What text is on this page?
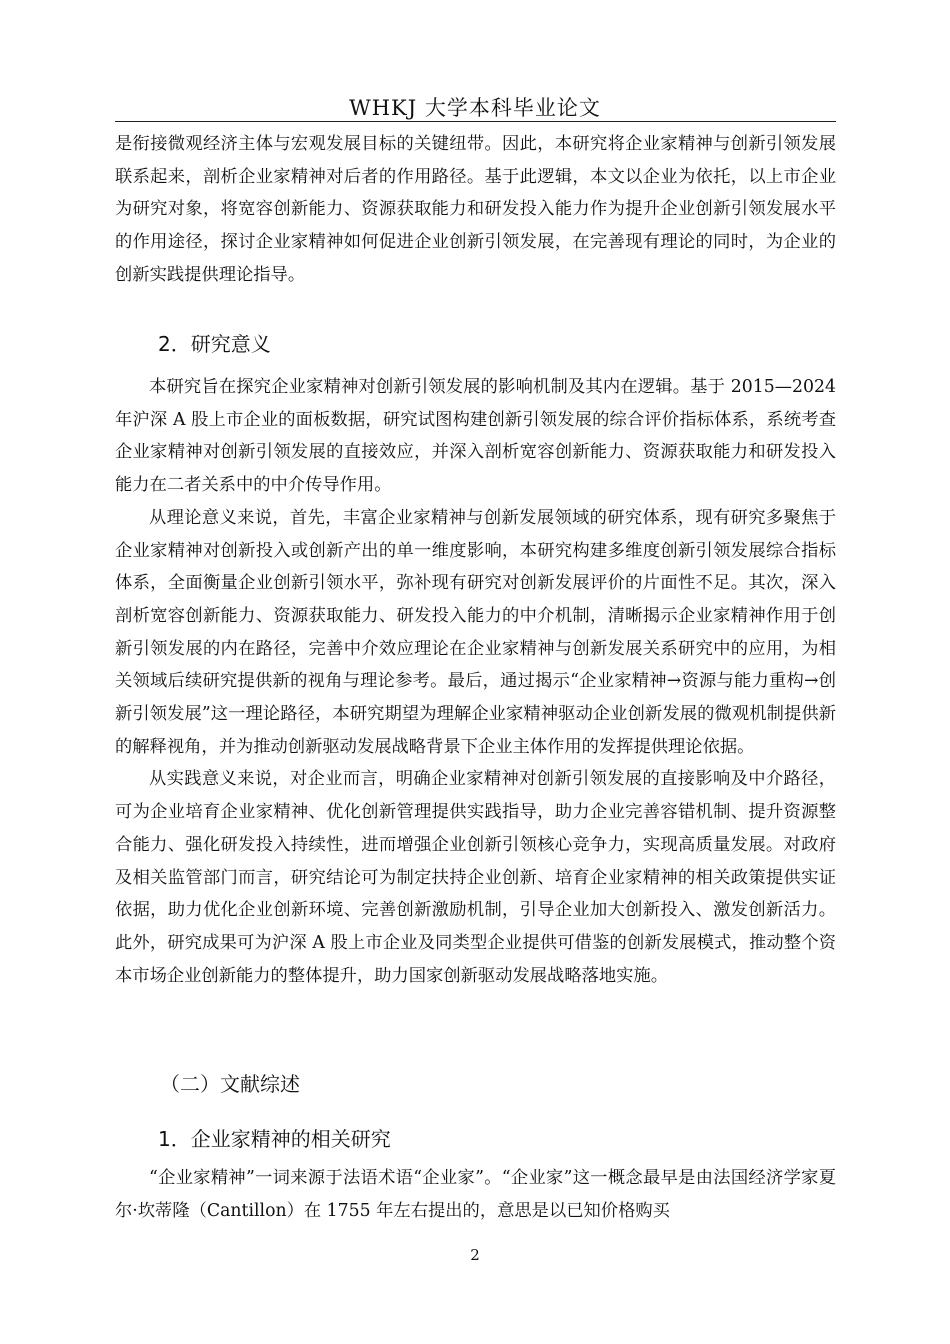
WHKJ 大学本科毕业论文

是衔接微观经济主体与宏观发展目标的关键纽带。因此，本研究将企业家精神与创新引领发展联系起来，剖析企业家精神对后者的作用路径。基于此逻辑，本文以企业为依托，以上市企业为研究对象，将宽容创新能力、资源获取能力和研发投入能力作为提升企业创新引领发展水平的作用途径，探讨企业家精神如何促进企业创新引领发展，在完善现有理论的同时，为企业的创新实践提供理论指导。

2．研究意义

本研究旨在探究企业家精神对创新引领发展的影响机制及其内在逻辑。基于 2015—2024 年沪深 A 股上市企业的面板数据，研究试图构建创新引领发展的综合评价指标体系，系统考查企业家精神对创新引领发展的直接效应，并深入剖析宽容创新能力、资源获取能力和研发投入能力在二者关系中的中介传导作用。

从理论意义来说，首先，丰富企业家精神与创新发展领域的研究体系，现有研究多聚焦于企业家精神对创新投入或创新产出的单一维度影响，本研究构建多维度创新引领发展综合指标体系，全面衡量企业创新引领水平，弥补现有研究对创新发展评价的片面性不足。其次，深入剖析宽容创新能力、资源获取能力、研发投入能力的中介机制，清晰揭示企业家精神作用于创新引领发展的内在路径，完善中介效应理论在企业家精神与创新发展关系研究中的应用，为相关领域后续研究提供新的视角与理论参考。最后，通过揭示“企业家精神→资源与能力重构→创新引领发展”这一理论路径，本研究期望为理解企业家精神驱动企业创新发展的微观机制提供新的解释视角，并为推动创新驱动发展战略背景下企业主体作用的发挥提供理论依据。

从实践意义来说，对企业而言，明确企业家精神对创新引领发展的直接影响及中介路径，可为企业培育企业家精神、优化创新管理提供实践指导，助力企业完善容错机制、提升资源整合能力、强化研发投入持续性，进而增强企业创新引领核心竞争力，实现高质量发展。对政府及相关监管部门而言，研究结论可为制定扶持企业创新、培育企业家精神的相关政策提供实证依据，助力优化企业创新环境、完善创新激励机制，引导企业加大创新投入、激发创新活力。此外，研究成果可为沪深 A 股上市企业及同类型企业提供可借鉴的创新发展模式，推动整个资本市场企业创新能力的整体提升，助力国家创新驱动发展战略落地实施。

（二）文献综述
1．企业家精神的相关研究

“企业家精神”一词来源于法语术语“企业家”。“企业家”这一概念最早是由法国经济学家夏尔·坎蒂隆（Cantillon）在 1755 年左右提出的，意思是以已知价格购买

2
